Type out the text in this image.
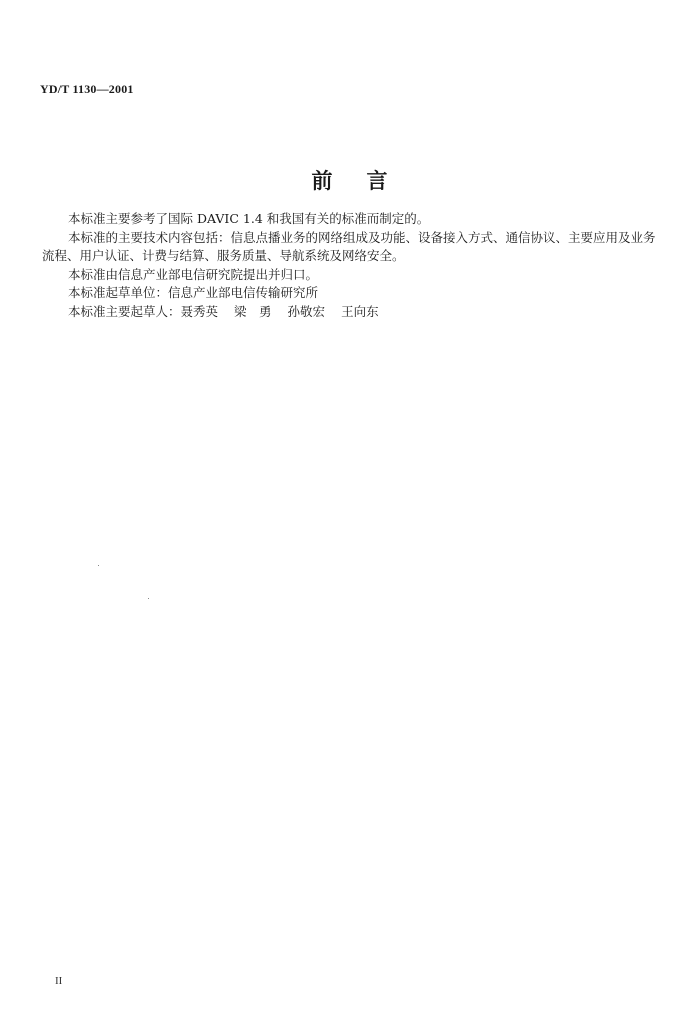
YD/T 1130—2001
前言

本标准主要参考了国际 DAVIC 1.4 和我国有关的标准而制定的。

本标准的主要技术内容包括：信息点播业务的网络组成及功能、设备接入方式、通信协议、主要应用及业务流程、用户认证、计费与结算、服务质量、导航系统及网络安全。

本标准由信息产业部电信研究院提出并归口。

本标准起草单位：信息产业部电信传输研究所

本标准主要起草人：聂秀英 梁　勇 孙敬宏 王向东

II
